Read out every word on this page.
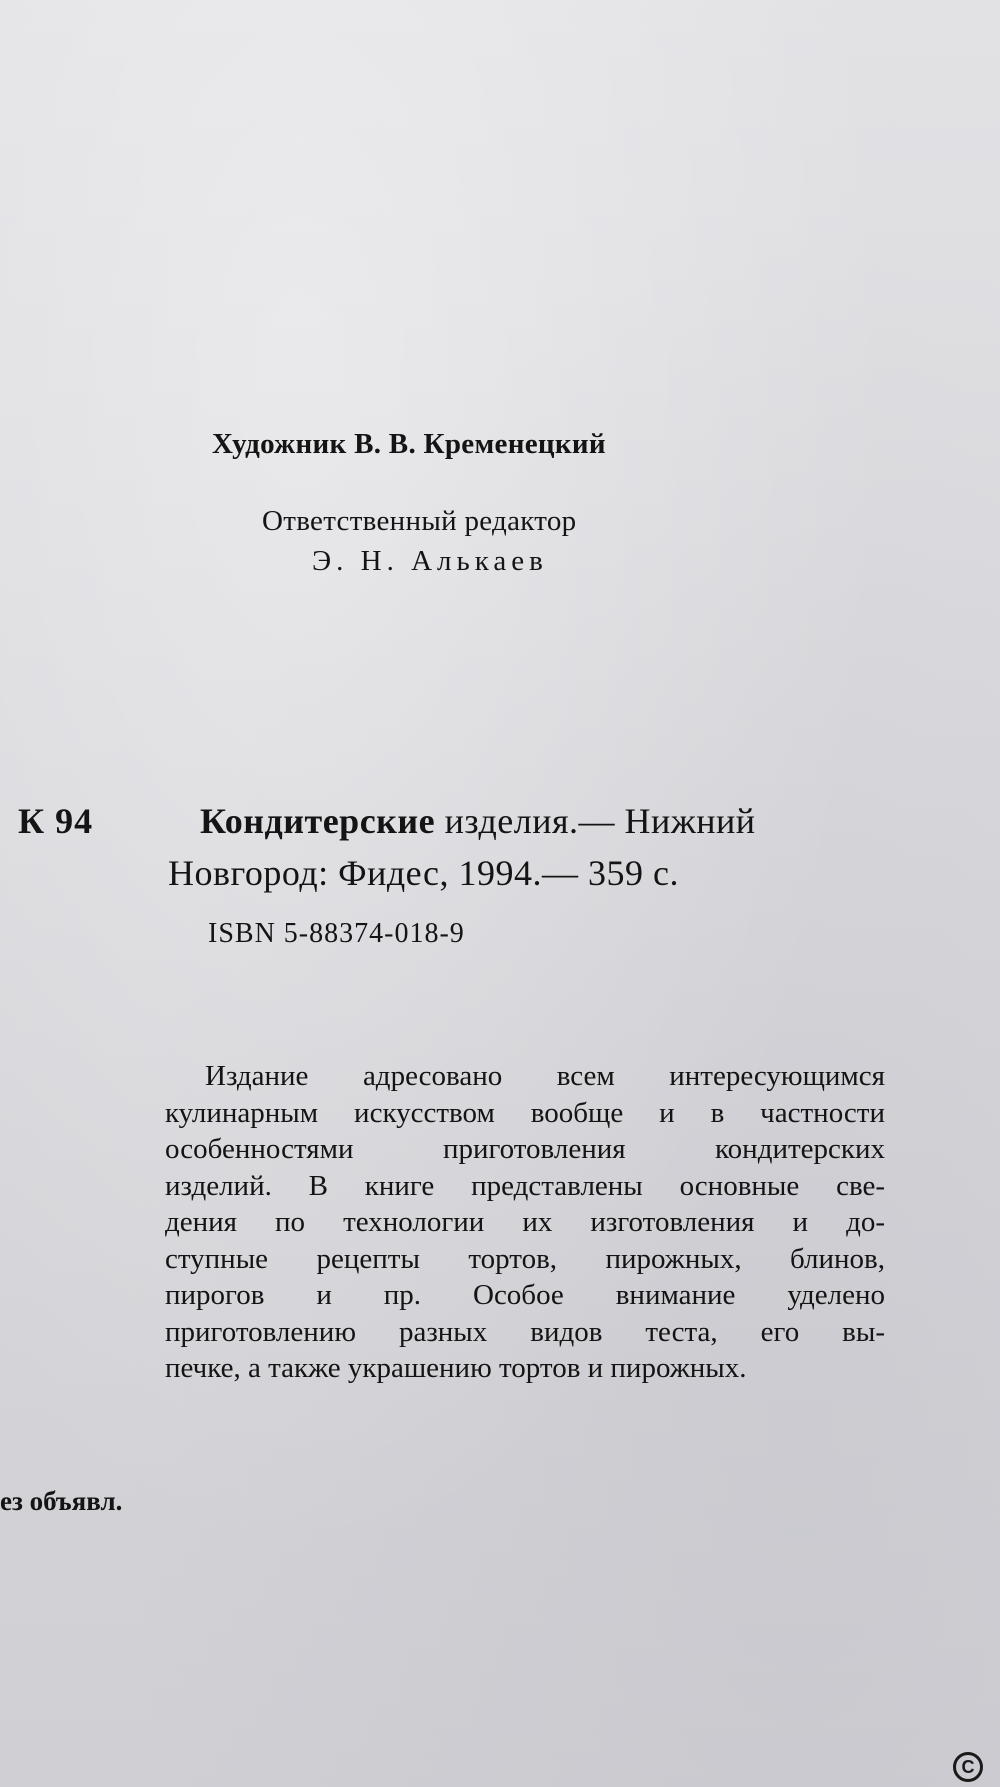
Художник В. В. Кременецкий

Ответственный редактор

Э. Н. Алькаев

К 94	Кондитерские изделия.— Нижний

Новгород: Фидес, 1994.— 359 с.

ISBN 5-88374-018-9

Издание адресовано всем интересующимся
кулинарным искусством вообще и в частности
особенностями приготовления кондитерских
изделий. В книге представлены основные све-
дения по технологии их изготовления и до-
ступные рецепты тортов, пирожных, блинов,
пирогов и пр. Особое внимание уделено
приготовлению разных видов теста, его вы-
печке, а также украшению тортов и пирожных.

ез объявл.

С
